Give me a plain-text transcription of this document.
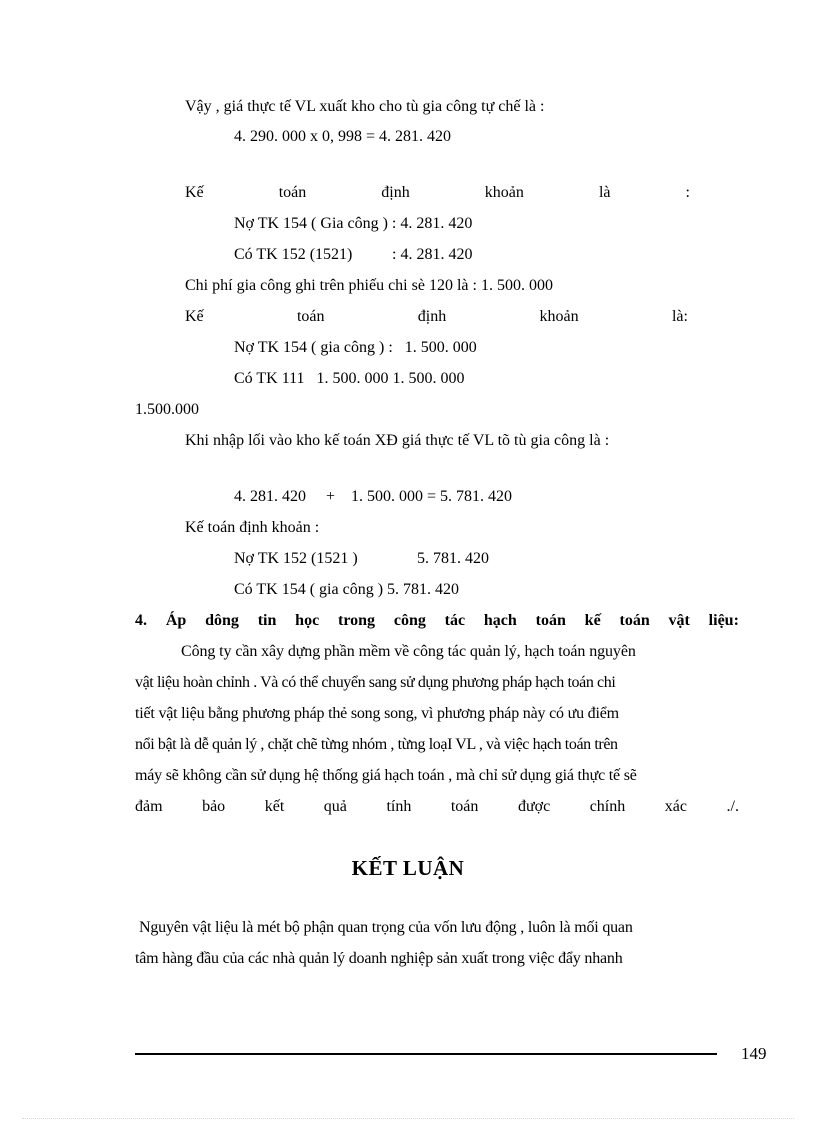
Vậy , giá thực tế VL xuất kho cho tù gia công tự chế là :
4. 290. 000 x 0, 998 = 4. 281. 420
Kế	toán	định	khoản	là	:
Nợ TK 154 ( Gia công ) : 4. 281. 420
Có TK 152 (1521) : 4. 281. 420
Chi phí gia công ghi trên phiếu chi sè 120 là : 1. 500. 000
Kế	toán	định	khoản	là:
Nợ TK 154 ( gia công ) :   1. 500. 000
Có TK 111   1. 500. 000 1. 500. 000
1.500.000
Khi nhập lối vào kho kế toán XĐ giá thực tế VL tõ tù gia công là :
4. 281. 420     +    1. 500. 000 = 5. 781. 420
Kế toán định khoản :
Nợ TK 152 (1521 )	5. 781. 420
Có TK 154 ( gia công ) 5. 781. 420
4. Áp dông tin học trong công tác hạch toán kế toán vật liệu:
Công ty cần xây dựng phần mềm về công tác quản lý, hạch toán nguyên
vật liệu hoàn chỉnh . Và có thể chuyển sang sử dụng phương pháp hạch toán chi
tiết vật liệu bằng phương pháp thẻ song song, vì phương pháp này có ưu điểm
nổi bật là dễ quản lý , chặt chẽ từng nhóm , từng loạI VL , và việc hạch toán trên
máy sẽ không cần sử dụng hệ thống giá hạch toán , mà chỉ sử dụng giá thực tế sẽ
đảm bảo kết quả tính toán được chính xác ./.
KẾT LUẬN
Nguyên vật liệu là mét bộ phận quan trọng của vốn lưu động , luôn là mối quan
tâm hàng đầu của các nhà quản lý doanh nghiệp sản xuất trong việc đẩy nhanh
149
